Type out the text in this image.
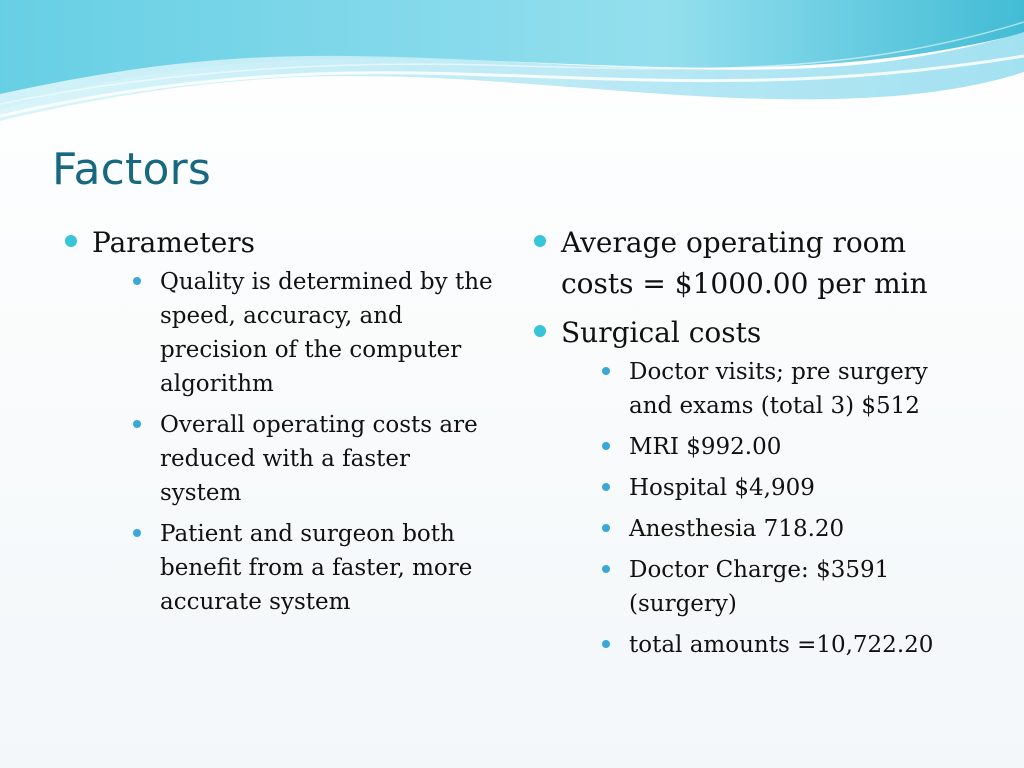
Factors
Parameters
Quality is determined by the speed, accuracy, and precision of the computer algorithm
Overall operating costs are reduced with a faster system
Patient and surgeon both benefit from a faster, more accurate system
Average operating room costs = $1000.00 per min
Surgical costs
Doctor visits; pre surgery and exams (total 3) $512
MRI $992.00
Hospital $4,909
Anesthesia 718.20
Doctor Charge: $3591 (surgery)
total amounts =10,722.20
